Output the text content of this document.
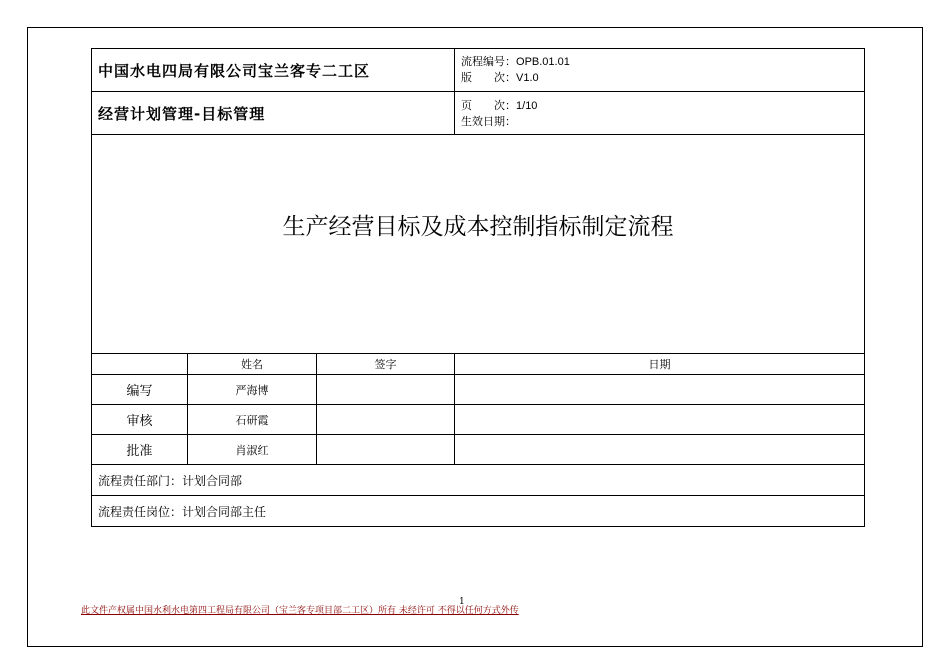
中国水电四局有限公司宝兰客专二工区			流程编号：OPB.01.01
版　　次：V1.0

经营计划管理-目标管理			页　　次：1/10
生效日期：

生产经营目标及成本控制指标制定流程			
	姓名	签字	日期
编写	严海博		
审核	石研霞		
批准	肖淑红		
流程责任部门：计划合同部			
流程责任岗位：计划合同部主任			
1
此文件产权属中国水利水电第四工程局有限公司（宝兰客专项目部二工区）所有 未经许可 不得以任何方式外传
